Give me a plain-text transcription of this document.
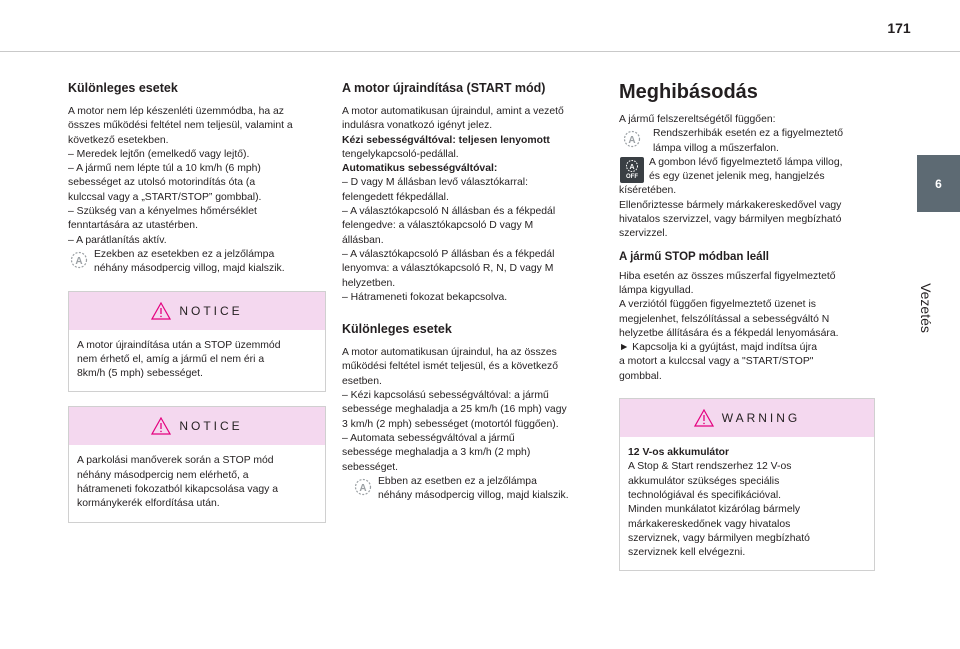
171
6
Vezetés
Különleges esetek

A motor nem lép készenléti üzemmódba, ha az

összes működési feltétel nem teljesül, valamint a

következő esetekben.

– Meredek lejtőn (emelkedő vagy lejtő).

– A jármű nem lépte túl a 10 km/h (6 mph)

sebességet az utolsó motorindítás óta (a

kulccsal vagy a „START/STOP” gombbal).

– Szükség van a kényelmes hőmérséklet

fenntartására az utastérben.

– A parátlanítás aktív.

A

Ezekben az esetekben ez a jelzőlámpa

néhány másodpercig villog, majd kialszik.

NOTICE

A motor újraindítása után a STOP üzemmód

nem érhető el, amíg a jármű el nem éri a

8km/h (5 mph) sebességet.

NOTICE

A parkolási manőverek során a STOP mód

néhány másodpercig nem elérhető, a

hátrameneti fokozatból kikapcsolása vagy a

kormánykerék elfordítása után.

A motor újraindítása (START mód)

A motor automatikusan újraindul, amint a vezető

indulásra vonatkozó igényt jelez.

Kézi sebességváltóval: teljesen lenyomott

tengelykapcsoló-pedállal.

Automatikus sebességváltóval:

– D vagy M állásban levő választókarral:

felengedett fékpedállal.

– A választókapcsoló N állásban és a fékpedál

felengedve: a választókapcsoló D vagy M

állásban.

– A választókapcsoló P állásban és a fékpedál

lenyomva: a választókapcsoló R, N, D vagy M

helyzetben.

– Hátrameneti fokozat bekapcsolva.

Különleges esetek

A motor automatikusan újraindul, ha az összes

működési feltétel ismét teljesül, és a következő

esetben.

– Kézi kapcsolású sebességváltóval: a jármű

sebessége meghaladja a 25 km/h (16 mph) vagy

3 km/h (2 mph) sebességet (motortól függően).

– Automata sebességváltóval a jármű

sebessége meghaladja a 3 km/h (2 mph)

sebességet.

A

Ebben az esetben ez a jelzőlámpa

néhány másodpercig villog, majd kialszik.

Meghibásodás

A jármű felszereltségétől függően:

A

Rendszerhibák esetén ez a figyelmeztető

lámpa villog a műszerfalon.

A
OFF

A gombon lévő figyelmeztető lámpa villog,

és egy üzenet jelenik meg, hangjelzés

kíséretében.

Ellenőriztesse bármely márkakereskedővel vagy

hivatalos szervizzel, vagy bármilyen megbízható

szervizzel.

A jármű STOP módban leáll

Hiba esetén az összes műszerfal figyelmeztető

lámpa kigyullad.

A verziótól függően figyelmeztető üzenet is

megjelenhet, felszólítással a sebességváltó N

helyzetbe állítására és a fékpedál lenyomására.

► Kapcsolja ki a gyújtást, majd indítsa újra

a motort a kulccsal vagy a "START/STOP"

gombbal.

WARNING

12 V-os akkumulátor

A Stop & Start rendszerhez 12 V-os

akkumulátor szükséges speciális

technológiával és specifikációval.

Minden munkálatot kizárólag bármely

márkakereskedőnek vagy hivatalos

szerviznek, vagy bármilyen megbízható

szerviznek kell elvégezni.
